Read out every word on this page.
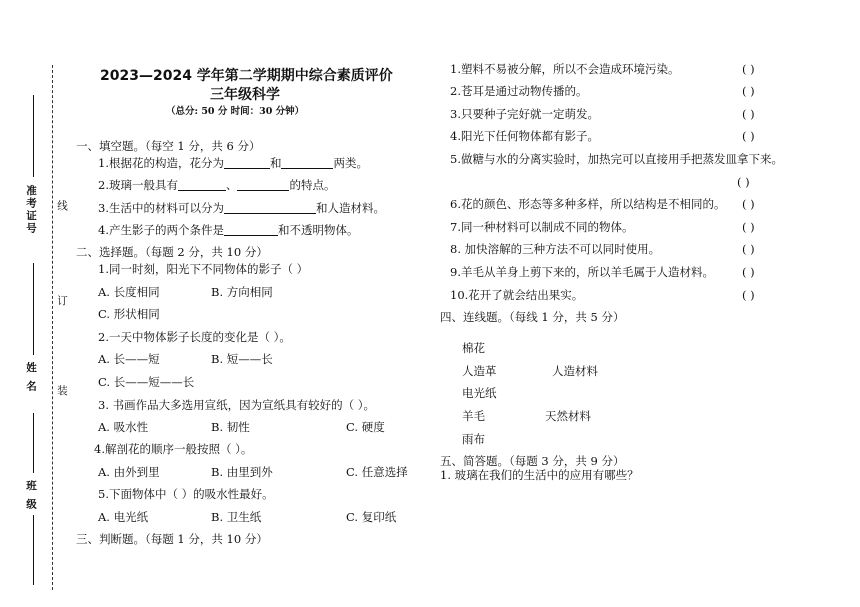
准考证号
姓 名
班 级
线
订
装
2023—2024 学年第二学期期中综合素质评价
三年级科学
（总分: 50 分 时间：30 分钟）
一、填空题。（每空 1 分，共 6 分）
1.根据花的构造，花分为	和	两类。
2.玻璃一般具有	、	的特点。
3.生活中的材料可以分为	和人造材料。
4.产生影子的两个条件是	和不透明物体。
二、选择题。（每题 2 分，共 10 分）
1.同一时刻，阳光下不同物体的影子（ ）
A. 长度相同	B. 方向相同
C. 形状相同
2.一天中物体影子长度的变化是（ ）。
A. 长——短	B. 短——长
C. 长——短——长
3. 书画作品大多选用宣纸，因为宣纸具有较好的（ ）。
A. 吸水性	B. 韧性	C. 硬度
4.解剖花的顺序一般按照（ ）。
A. 由外到里	B. 由里到外	C. 任意选择
5.下面物体中（ ）的吸水性最好。
A. 电光纸	B. 卫生纸	C. 复印纸
三、判断题。（每题 1 分，共 10 分）
1.塑料不易被分解，所以不会造成环境污染。	( )
2.苍耳是通过动物传播的。	( )
3.只要种子完好就一定萌发。	( )
4.阳光下任何物体都有影子。	( )
5.做糖与水的分离实验时，加热完可以直接用手把蒸发皿拿下来。
( )
6.花的颜色、形态等多种多样，所以结构是不相同的。 ( )
7.同一种材料可以制成不同的物体。	( )
8. 加快溶解的三种方法不可以同时使用。	( )
9.羊毛从羊身上剪下来的，所以羊毛属于人造材料。 ( )
10.花开了就会结出果实。	( )
四、连线题。（每线 1 分，共 5 分）
棉花
人造革	人造材料
电光纸
羊毛	天然材料
雨布
五、简答题。（每题 3 分，共 9 分）
1. 玻璃在我们的生活中的应用有哪些？
